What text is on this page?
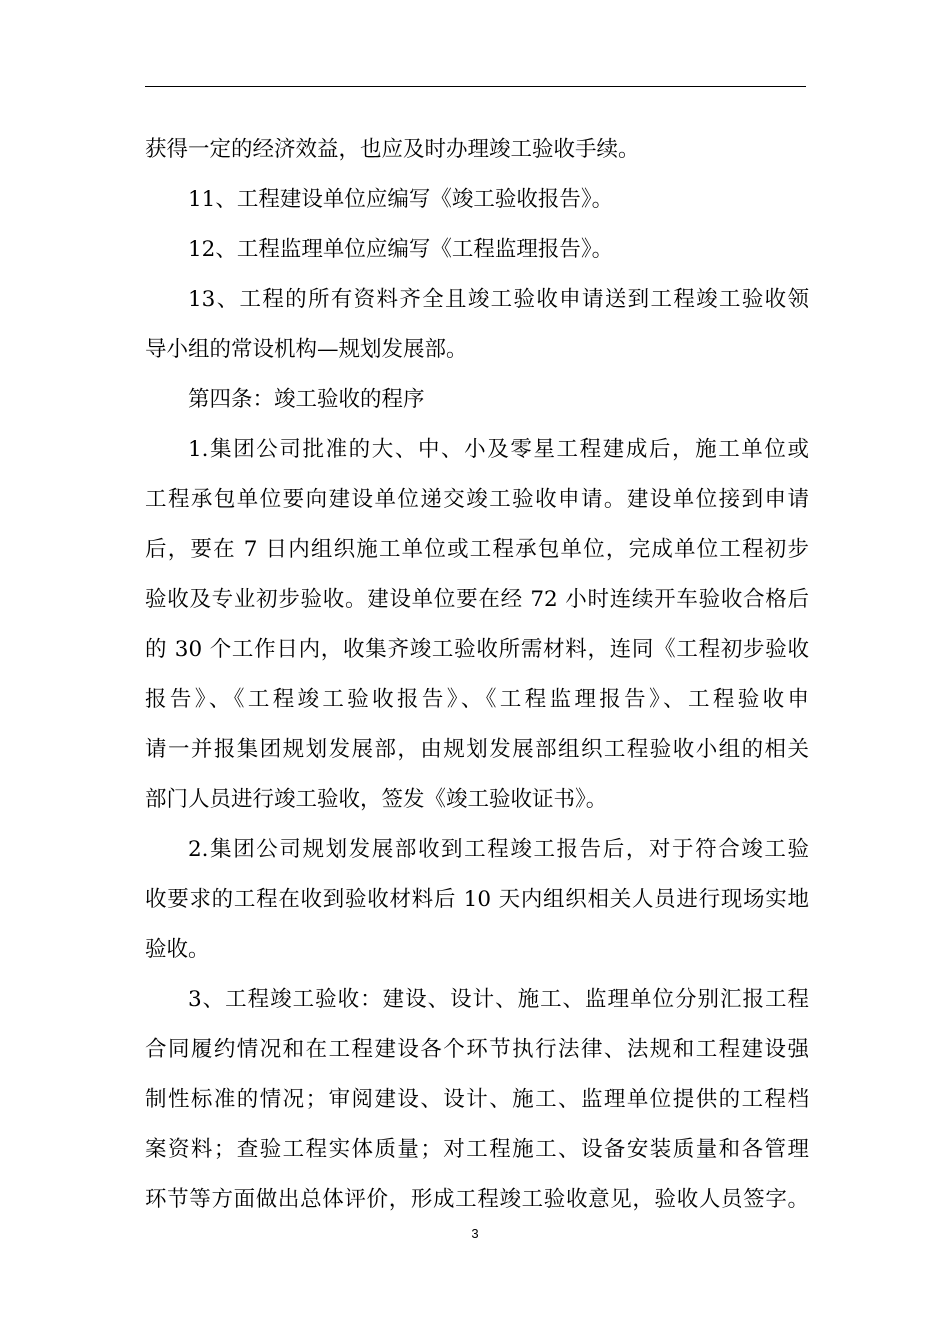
获得一定的经济效益，也应及时办理竣工验收手续。
11、工程建设单位应编写《竣工验收报告》。
12、工程监理单位应编写《工程监理报告》。
13、工程的所有资料齐全且竣工验收申请送到工程竣工验收领
导小组的常设机构—规划发展部。
第四条：竣工验收的程序
1.集团公司批准的大、中、小及零星工程建成后，施工单位或
工程承包单位要向建设单位递交竣工验收申请。建设单位接到申请
后，要在 7 日内组织施工单位或工程承包单位，完成单位工程初步
验收及专业初步验收。建设单位要在经 72 小时连续开车验收合格后
的 30 个工作日内，收集齐竣工验收所需材料，连同《工程初步验收
报告》、《工程竣工验收报告》、《工程监理报告》、工程验收申
请一并报集团规划发展部，由规划发展部组织工程验收小组的相关
部门人员进行竣工验收，签发《竣工验收证书》。
2.集团公司规划发展部收到工程竣工报告后，对于符合竣工验
收要求的工程在收到验收材料后 10 天内组织相关人员进行现场实地
验收。
3、工程竣工验收：建设、设计、施工、监理单位分别汇报工程
合同履约情况和在工程建设各个环节执行法律、法规和工程建设强
制性标准的情况；审阅建设、设计、施工、监理单位提供的工程档
案资料；查验工程实体质量；对工程施工、设备安装质量和各管理
环节等方面做出总体评价，形成工程竣工验收意见，验收人员签字。
3
